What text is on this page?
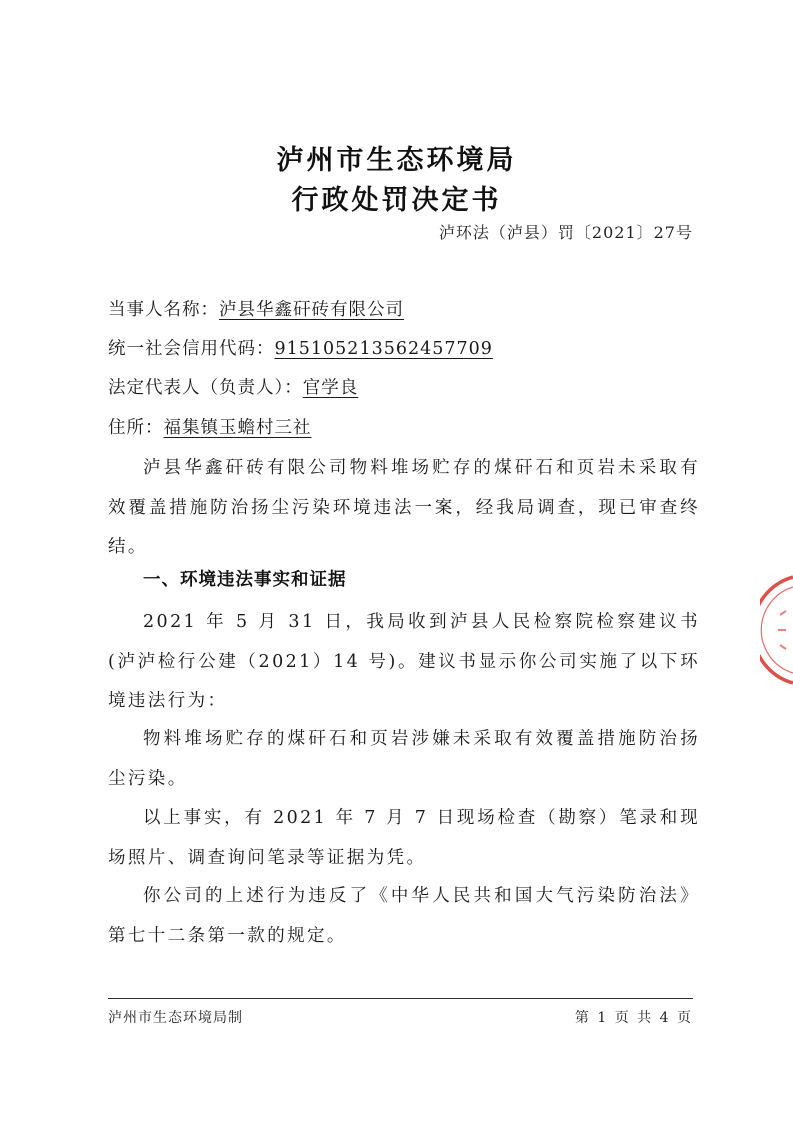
泸州市生态环境局
行政处罚决定书
泸环法（泸县）罚〔2021〕27号
当事人名称：泸县华鑫矸砖有限公司
统一社会信用代码：915105213562457709
法定代表人（负责人）：官学良
住所：福集镇玉蟾村三社
泸县华鑫矸砖有限公司物料堆场贮存的煤矸石和页岩未采取有效覆盖措施防治扬尘污染环境违法一案，经我局调查，现已审查终结。
一、环境违法事实和证据
2021 年 5 月 31 日，我局收到泸县人民检察院检察建议书(泸泸检行公建（2021）14 号)。建议书显示你公司实施了以下环境违法行为：
物料堆场贮存的煤矸石和页岩涉嫌未采取有效覆盖措施防治扬尘污染。
以上事实，有 2021 年 7 月 7 日现场检查（勘察）笔录和现场照片、调查询问笔录等证据为凭。
你公司的上述行为违反了《中华人民共和国大气污染防治法》第七十二条第一款的规定。
泸州市生态环境局制	第 1 页 共 4 页
